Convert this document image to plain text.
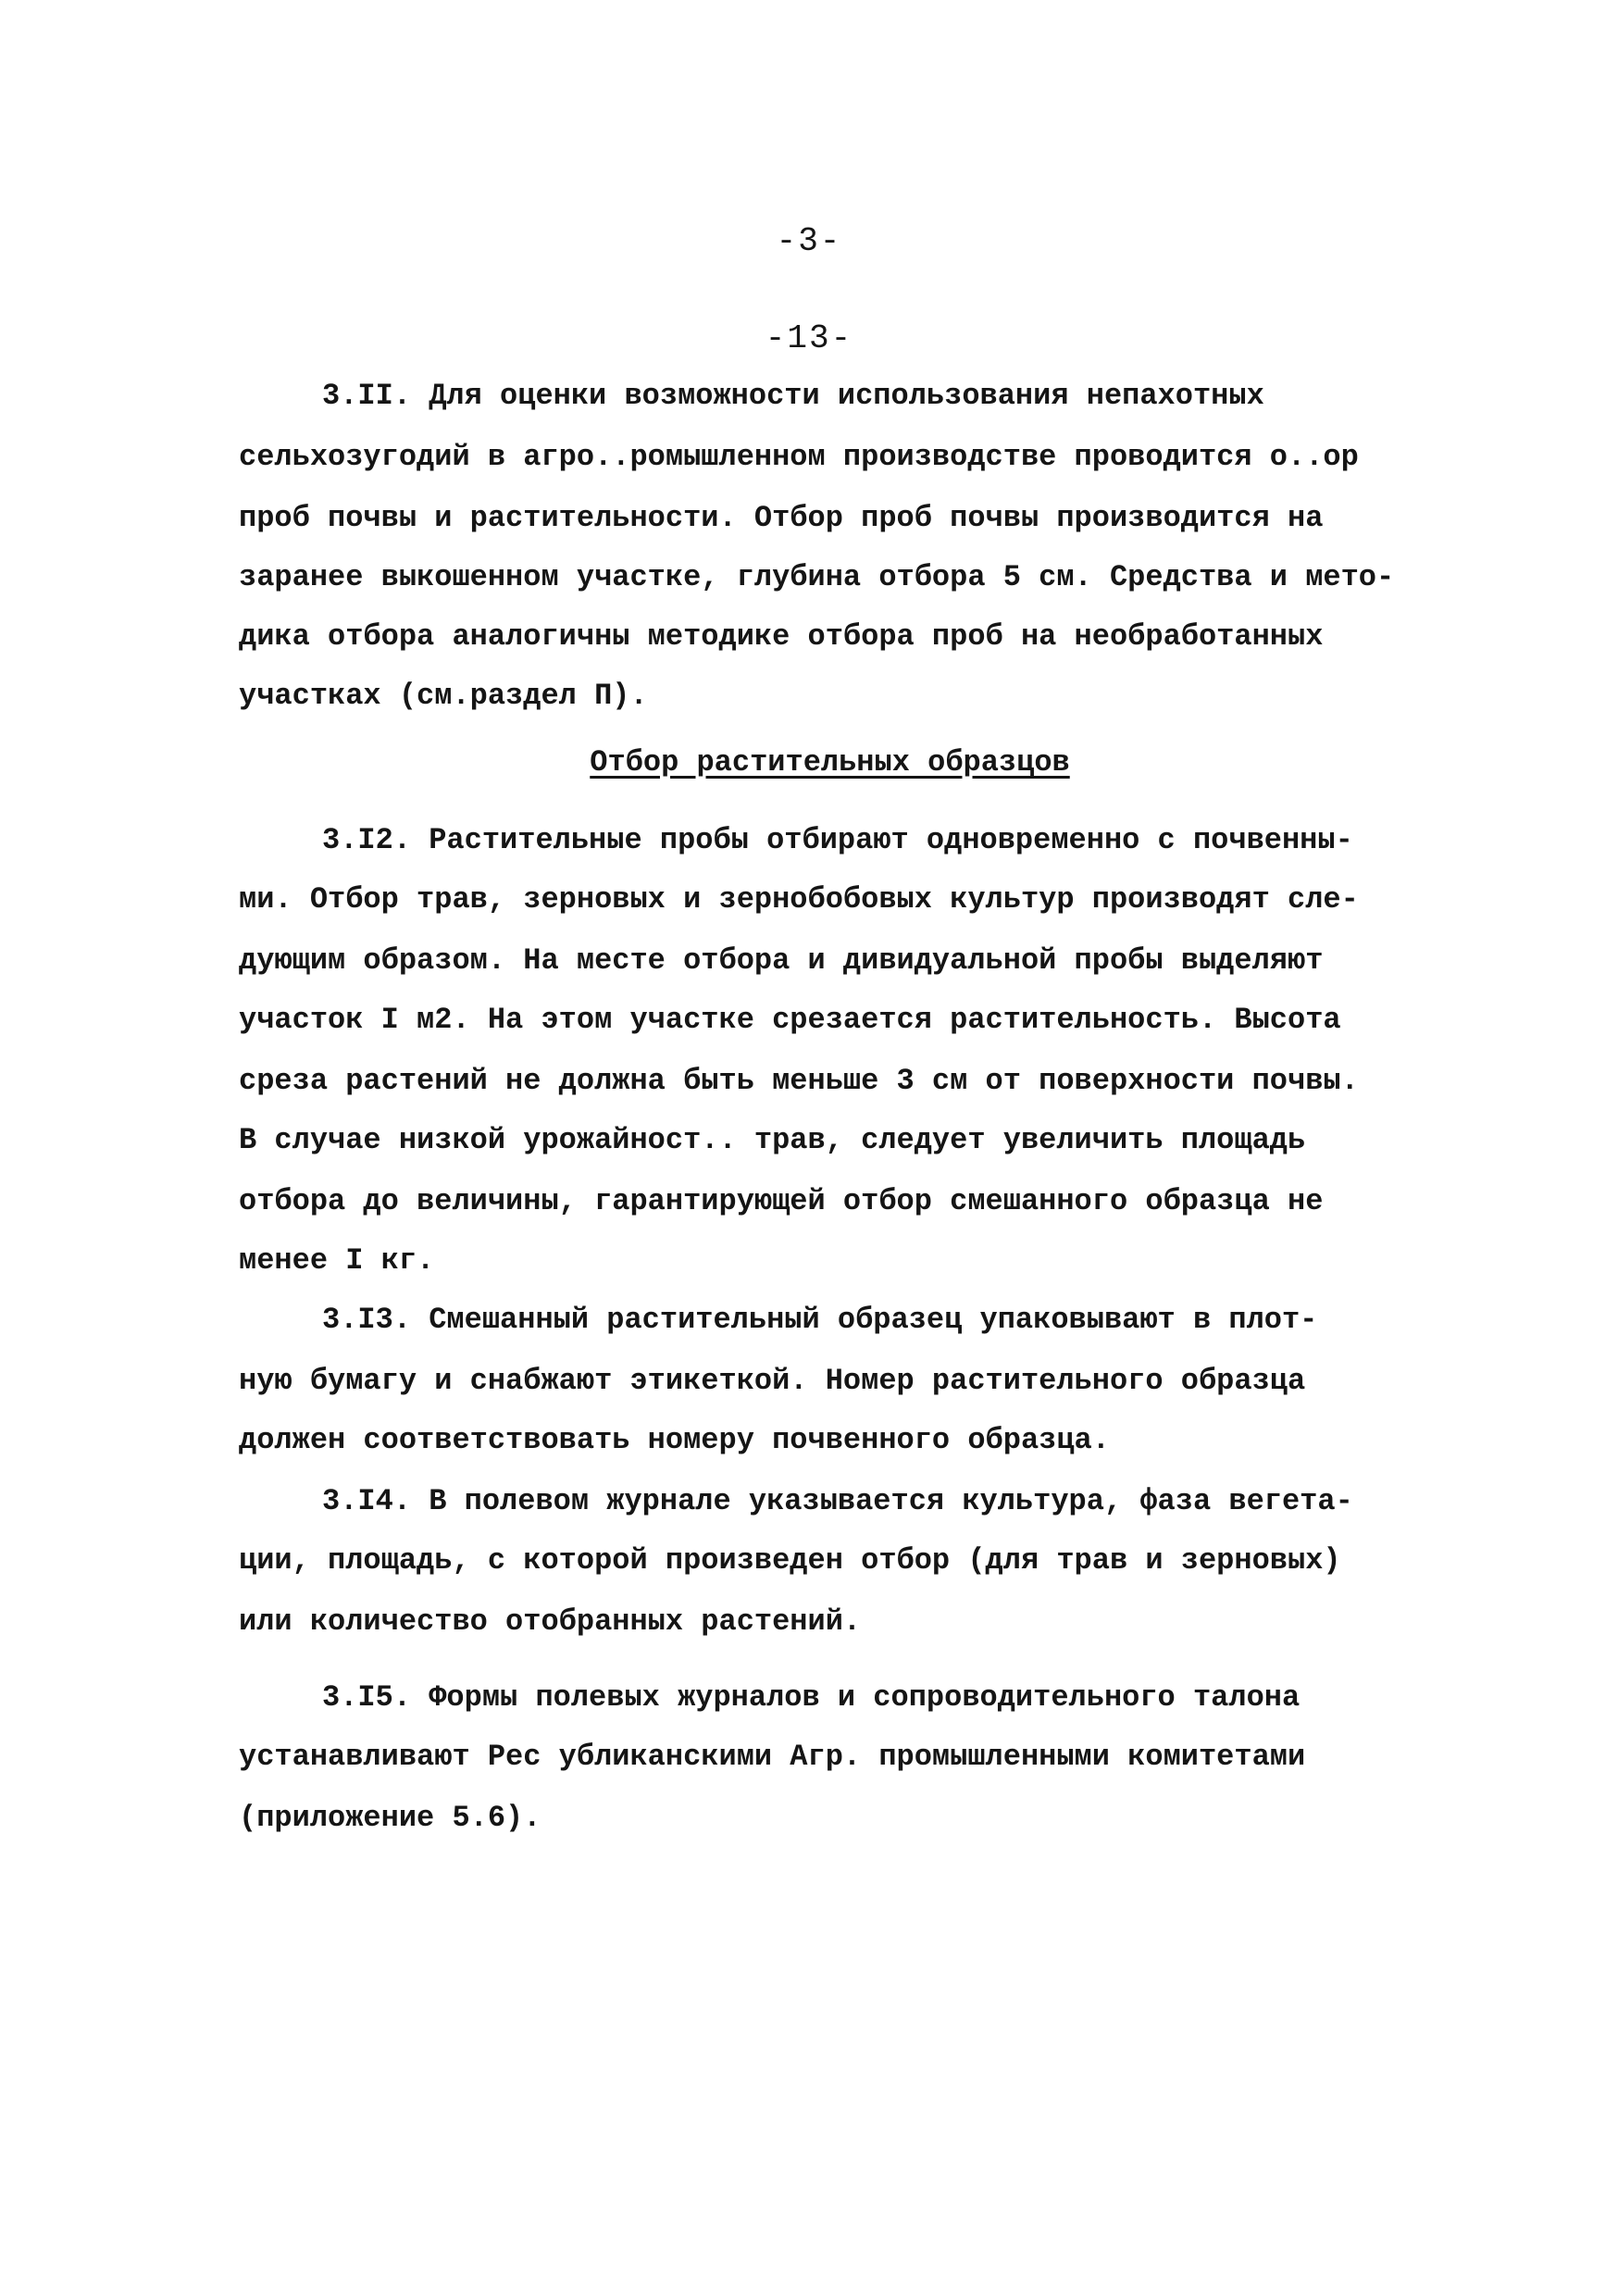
-3-
-13-
3.II. Для оценки возможности использования непахотных
сельхозугодий в агро..ромышленном производстве проводится о..ор
проб почвы и растительности. Отбор проб почвы производится на
заранее выкошенном участке, глубина отбора 5 см. Средства и мето-
дика отбора аналогичны методике отбора проб на необработанных
участках (см.раздел П).
Отбор растительных образцов
3.I2. Растительные пробы отбирают одновременно с почвенны-
ми. Отбор трав, зерновых и зернобобовых культур производят сле-
дующим образом. На месте отбора и дивидуальной пробы выделяют
участок I м2. На этом участке срезается растительность. Высота
среза растений не должна быть меньше 3 см от поверхности почвы.
В случае низкой урожайност.. трав, следует увеличить площадь
отбора до величины, гарантирующей отбор смешанного образца не
менее I кг.
3.I3. Смешанный растительный образец упаковывают в плот-
ную бумагу и снабжают этикеткой. Номер растительного образца
должен соответствовать номеру почвенного образца.
3.I4. В полевом журнале указывается культура, фаза вегета-
ции, площадь, с которой произведен отбор (для трав и зерновых)
или количество отобранных растений.
3.I5. Формы полевых журналов и сопроводительного талона
устанавливают Рес убликанскими Агр. промышленными комитетами
(приложение 5.6).
